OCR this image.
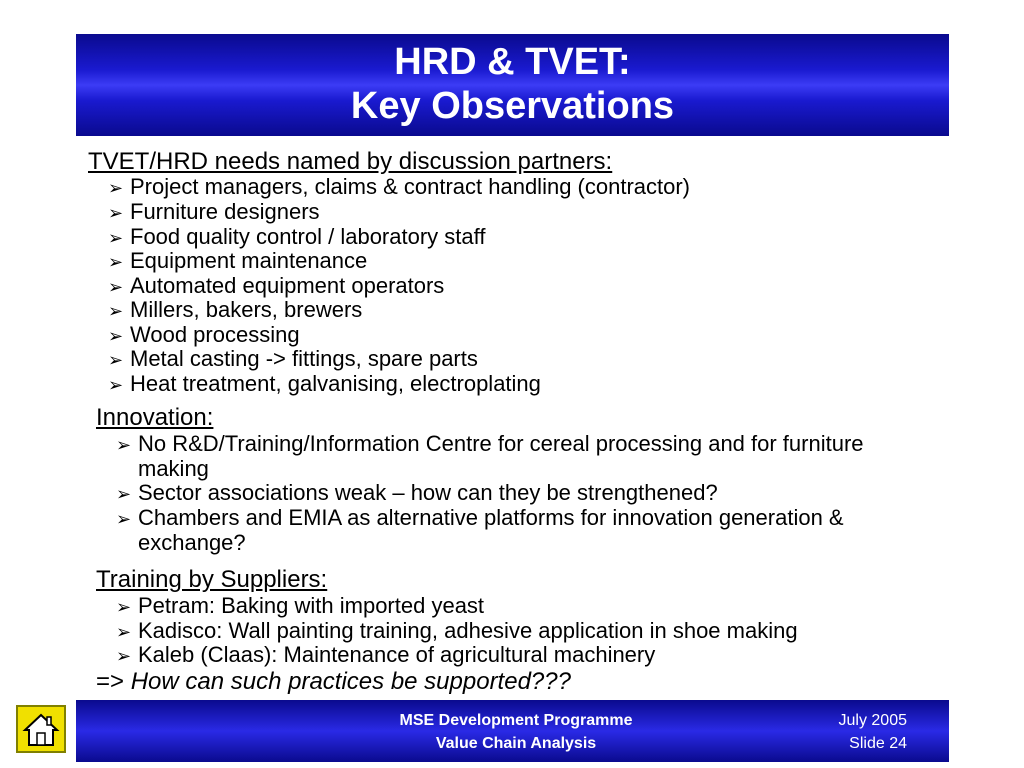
HRD & TVET:
Key Observations
TVET/HRD needs named by discussion partners:
➢ Project managers, claims & contract handling (contractor)
➢ Furniture designers
➢ Food quality control / laboratory staff
➢ Equipment maintenance
➢ Automated equipment operators
➢ Millers, bakers, brewers
➢ Wood processing
➢ Metal casting -> fittings, spare parts
➢ Heat treatment, galvanising, electroplating
Innovation:
➢ No R&D/Training/Information Centre for cereal processing and for furniture making
➢ Sector associations weak – how can they be strengthened?
➢ Chambers and EMIA as alternative platforms for innovation generation & exchange?
Training by Suppliers:
➢ Petram: Baking with imported yeast
➢ Kadisco: Wall painting training, adhesive application in shoe making
➢ Kaleb (Claas): Maintenance of agricultural machinery
=> How can such practices be supported???
MSE Development Programme
Value Chain Analysis
July 2005
Slide 24
